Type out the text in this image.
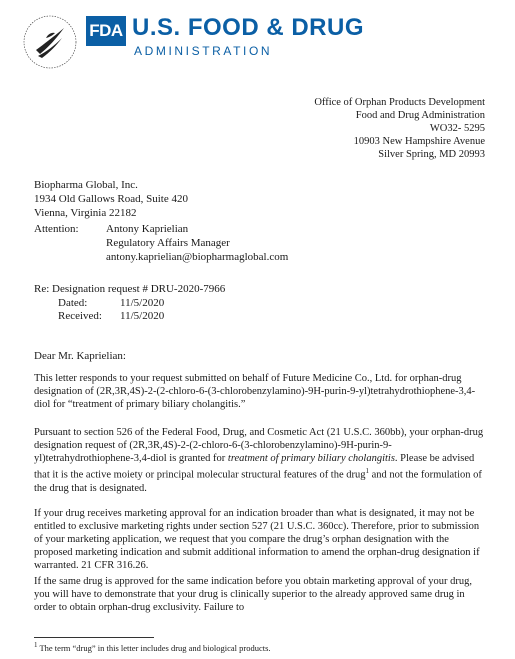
FDA U.S. FOOD & DRUG
ADMINISTRATION
Office of Orphan Products Development
Food and Drug Administration
WO32- 5295
10903 New Hampshire Avenue
Silver Spring, MD 20993
Biopharma Global, Inc.
1934 Old Gallows Road, Suite 420
Vienna, Virginia 22182
Attention: Antony Kaprielian
Regulatory Affairs Manager
antony.kaprielian@biopharmaglobal.com
Re: Designation request # DRU-2020-7966
Dated:	11/5/2020
Received: 11/5/2020
Dear Mr. Kaprielian:
This letter responds to your request submitted on behalf of Future Medicine Co., Ltd. for orphan-drug designation of (2R,3R,4S)-2-(2-chloro-6-(3-chlorobenzylamino)-9H-purin-9-yl)tetrahydrothiophene-3,4-diol for “treatment of primary biliary cholangitis.”
Pursuant to section 526 of the Federal Food, Drug, and Cosmetic Act (21 U.S.C. 360bb), your orphan-drug designation request of (2R,3R,4S)-2-(2-chloro-6-(3-chlorobenzylamino)-9H-purin-9-yl)tetrahydrothiophene-3,4-diol is granted for treatment of primary biliary cholangitis. Please be advised that it is the active moiety or principal molecular structural features of the drug$^1$ and not the formulation of the drug that is designated.
If your drug receives marketing approval for an indication broader than what is designated, it may not be entitled to exclusive marketing rights under section 527 (21 U.S.C. 360cc). Therefore, prior to submission of your marketing application, we request that you compare the drug’s orphan designation with the proposed marketing indication and submit additional information to amend the orphan-drug designation if warranted. 21 CFR 316.26.
If the same drug is approved for the same indication before you obtain marketing approval of your drug, you will have to demonstrate that your drug is clinically superior to the already approved same drug in order to obtain orphan-drug exclusivity. Failure to
$^1$ The term “drug” in this letter includes drug and biological products.
